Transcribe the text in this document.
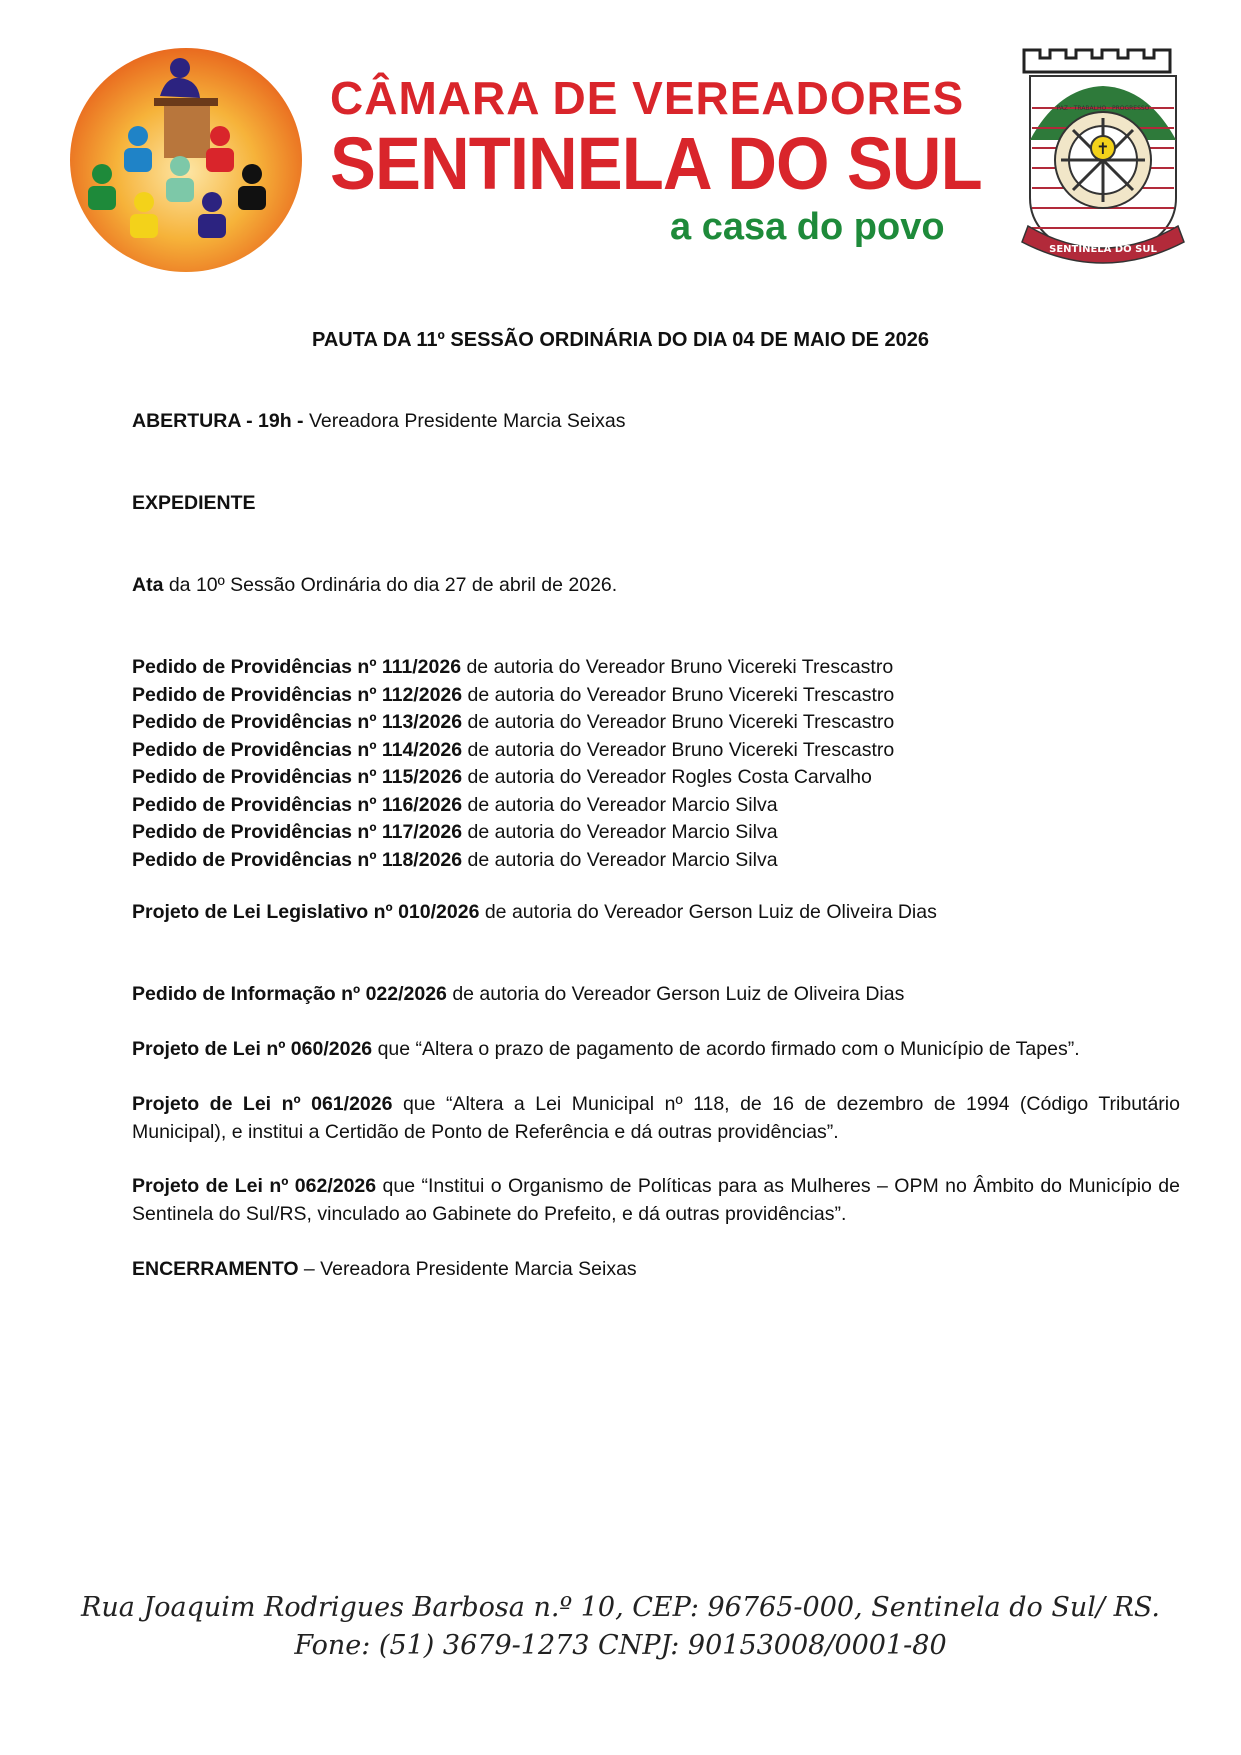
CÂMARA DE VEREADORES
SENTINELA DO SUL
a casa do povo
✝
SENTINELA DO SUL
PAZ · TRABALHO · PROGRESSO
PAUTA DA 11º SESSÃO ORDINÁRIA DO DIA 04 DE MAIO DE 2026
ABERTURA - 19h - Vereadora Presidente Marcia Seixas
EXPEDIENTE
Ata da 10º Sessão Ordinária do dia 27 de abril de 2026.
Pedido de Providências nº 111/2026 de autoria do Vereador Bruno Vicereki Trescastro
Pedido de Providências nº 112/2026 de autoria do Vereador Bruno Vicereki Trescastro
Pedido de Providências nº 113/2026 de autoria do Vereador Bruno Vicereki Trescastro
Pedido de Providências nº 114/2026 de autoria do Vereador Bruno Vicereki Trescastro
Pedido de Providências nº 115/2026 de autoria do Vereador Rogles Costa Carvalho
Pedido de Providências nº 116/2026 de autoria do Vereador Marcio Silva
Pedido de Providências nº 117/2026 de autoria do Vereador Marcio Silva
Pedido de Providências nº 118/2026 de autoria do Vereador Marcio Silva
Projeto de Lei Legislativo nº 010/2026 de autoria do Vereador Gerson Luiz de Oliveira Dias
Pedido de Informação nº 022/2026 de autoria do Vereador Gerson Luiz de Oliveira Dias
Projeto de Lei nº 060/2026 que “Altera o prazo de pagamento de acordo firmado com o Município de Tapes”.
Projeto de Lei nº 061/2026 que “Altera a Lei Municipal nº 118, de 16 de dezembro de 1994 (Código Tributário Municipal), e institui a Certidão de Ponto de Referência e dá outras providências”.
Projeto de Lei nº 062/2026 que “Institui o Organismo de Políticas para as Mulheres – OPM no Âmbito do Município de Sentinela do Sul/RS, vinculado ao Gabinete do Prefeito, e dá outras providências”.
ENCERRAMENTO – Vereadora Presidente Marcia Seixas
Rua Joaquim Rodrigues Barbosa n.º 10, CEP: 96765-000, Sentinela do Sul/ RS.
Fone: (51) 3679-1273 CNPJ: 90153008/0001-80
